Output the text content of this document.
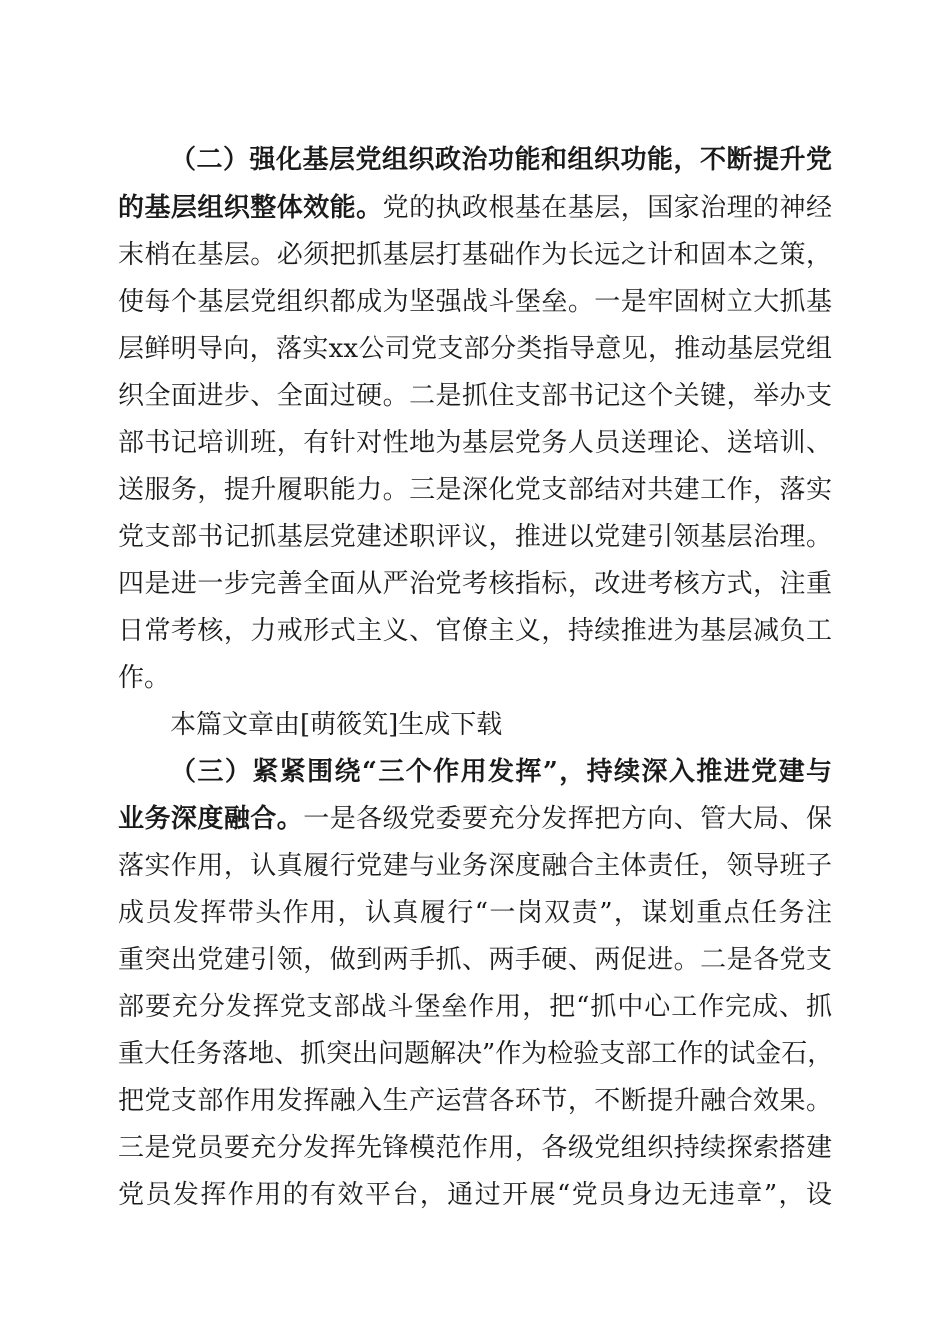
（二）强化基层党组织政治功能和组织功能，不断提升党
的基层组织整体效能。党的执政根基在基层，国家治理的神经
末梢在基层。必须把抓基层打基础作为长远之计和固本之策，
使每个基层党组织都成为坚强战斗堡垒。一是牢固树立大抓基
层鲜明导向，落实xx公司党支部分类指导意见，推动基层党组
织全面进步、全面过硬。二是抓住支部书记这个关键，举办支
部书记培训班，有针对性地为基层党务人员送理论、送培训、
送服务，提升履职能力。三是深化党支部结对共建工作，落实
党支部书记抓基层党建述职评议，推进以党建引领基层治理。
四是进一步完善全面从严治党考核指标，改进考核方式，注重
日常考核，力戒形式主义、官僚主义，持续推进为基层减负工
作。
本篇文章由[萌筱笂]生成下载
（三）紧紧围绕“三个作用发挥”，持续深入推进党建与
业务深度融合。一是各级党委要充分发挥把方向、管大局、保
落实作用，认真履行党建与业务深度融合主体责任，领导班子
成员发挥带头作用，认真履行“一岗双责”，谋划重点任务注
重突出党建引领，做到两手抓、两手硬、两促进。二是各党支
部要充分发挥党支部战斗堡垒作用，把“抓中心工作完成、抓
重大任务落地、抓突出问题解决”作为检验支部工作的试金石，
把党支部作用发挥融入生产运营各环节，不断提升融合效果。
三是党员要充分发挥先锋模范作用，各级党组织持续探索搭建
党员发挥作用的有效平台，通过开展“党员身边无违章”，设
